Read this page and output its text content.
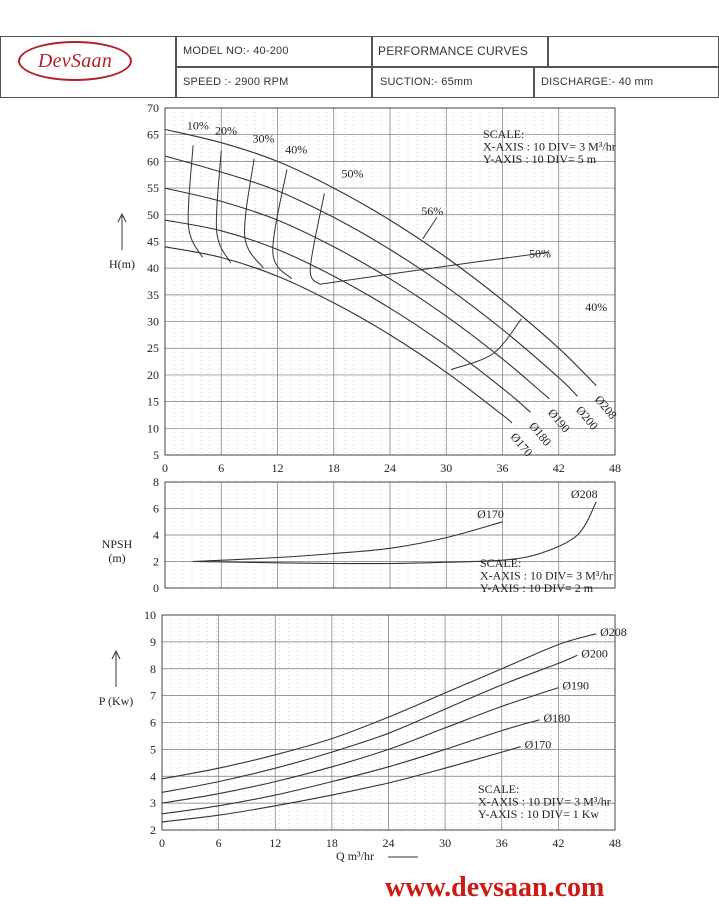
DevSaan	MODEL NO:- 40-200	PERFORMANCE CURVES
SPEED :- 2900 RPM	SUCTION:- 65mm	DISCHARGE:- 40 mm
5
10
15
20
25
30
35
40
45
50
55
60
65
70
0	6	12	18	24	30	36	42	48
H(m)
Ø208
Ø200
Ø190
Ø180
Ø170
10% 20%
30%
40%
50%
56%
50%
40%
SCALE:
X-AXIS : 10 DIV= 3 M³/hr
Y-AXIS : 10 DIV= 5 m
0
2
4
6
8
NPSH
(m)
Ø170
Ø208
SCALE:
X-AXIS : 10 DIV= 3 M³/hr
Y-AXIS : 10 DIV= 2 m
2
3
4
5
6
7
8
9
10
0	6	12	18	24	30	36	42	48
P (Kw)
Q m³/hr
Ø208
Ø200
Ø190
Ø180
Ø170
SCALE:
X-AXIS : 10 DIV= 3 M³/hr
Y-AXIS : 10 DIV= 1 Kw
www.devsaan.com
